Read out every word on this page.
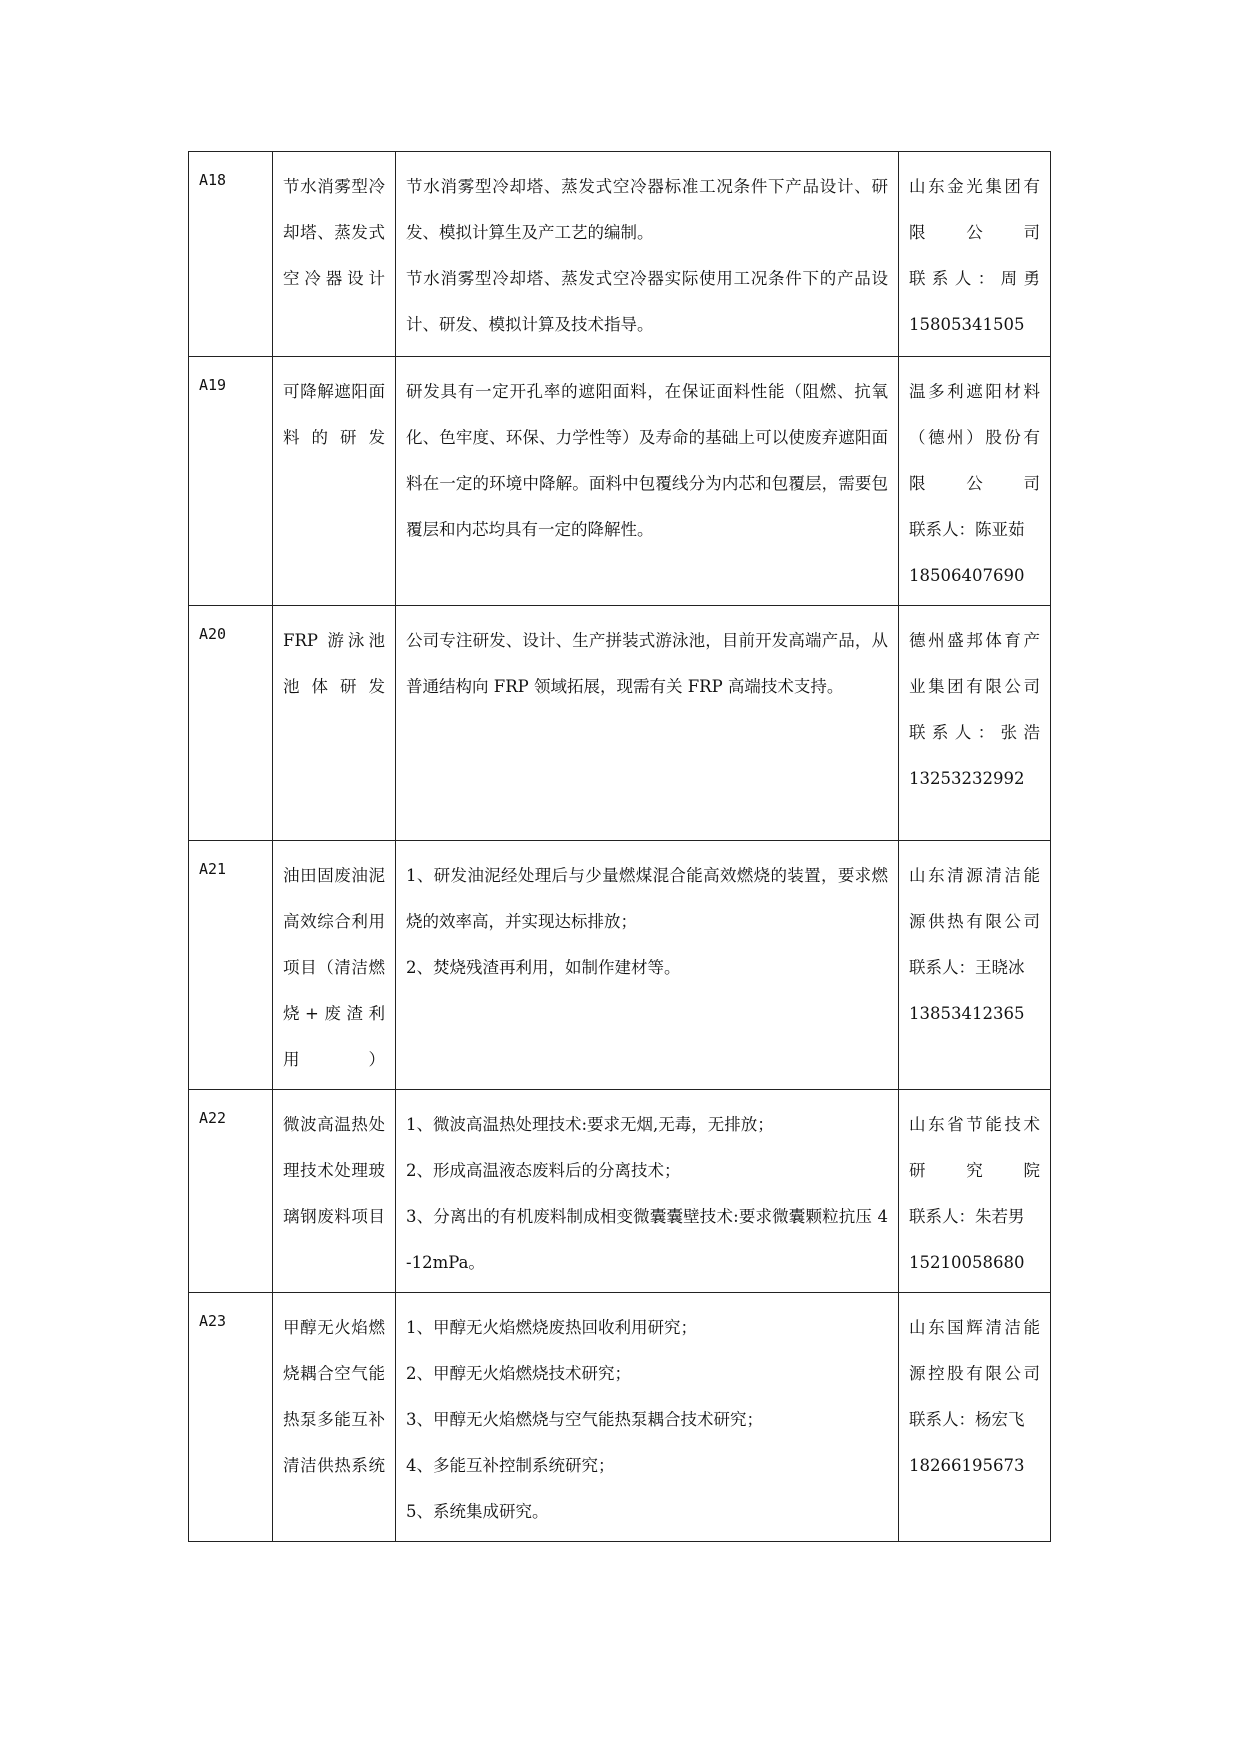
A18	节水消雾型冷却塔、蒸发式空冷器设计	节水消雾型冷却塔、蒸发式空冷器标准工况条件下产品设计、研发、模拟计算生及产工艺的编制。
节水消雾型冷却塔、蒸发式空冷器实际使用工况条件下的产品设计、研发、模拟计算及技术指导。	山东金光集团有限公司
联系人：周勇
15805341505

A19	可降解遮阳面料的研发	研发具有一定开孔率的遮阳面料，在保证面料性能（阻燃、抗氧化、色牢度、环保、力学性等）及寿命的基础上可以使废弃遮阳面料在一定的环境中降解。面料中包覆线分为内芯和包覆层，需要包覆层和内芯均具有一定的降解性。	温多利遮阳材料（德州）股份有限公司
联系人：陈亚茹
18506407690

A20	FRP 游泳池池体研发	公司专注研发、设计、生产拼装式游泳池，目前开发高端产品，从普通结构向 FRP 领域拓展，现需有关 FRP 高端技术支持。	德州盛邦体育产业集团有限公司
联系人：张浩
13253232992

A21	油田固废油泥高效综合利用项目（清洁燃烧+废渣利用）	1、研发油泥经处理后与少量燃煤混合能高效燃烧的装置，要求燃烧的效率高，并实现达标排放；
2、焚烧残渣再利用，如制作建材等。	山东清源清洁能源供热有限公司
联系人：王晓冰
13853412365

A22	微波高温热处理技术处理玻璃钢废料项目	1、微波高温热处理技术:要求无烟,无毒，无排放；
2、形成高温液态废料后的分离技术；
3、分离出的有机废料制成相变微囊囊壁技术:要求微囊颗粒抗压 4-12mPa。	山东省节能技术研究院
联系人：朱若男
15210058680

A23	甲醇无火焰燃烧耦合空气能热泵多能互补清洁供热系统	1、甲醇无火焰燃烧废热回收利用研究；
2、甲醇无火焰燃烧技术研究；
3、甲醇无火焰燃烧与空气能热泵耦合技术研究；
4、多能互补控制系统研究；
5、系统集成研究。	山东国辉清洁能源控股有限公司
联系人：杨宏飞
18266195673
